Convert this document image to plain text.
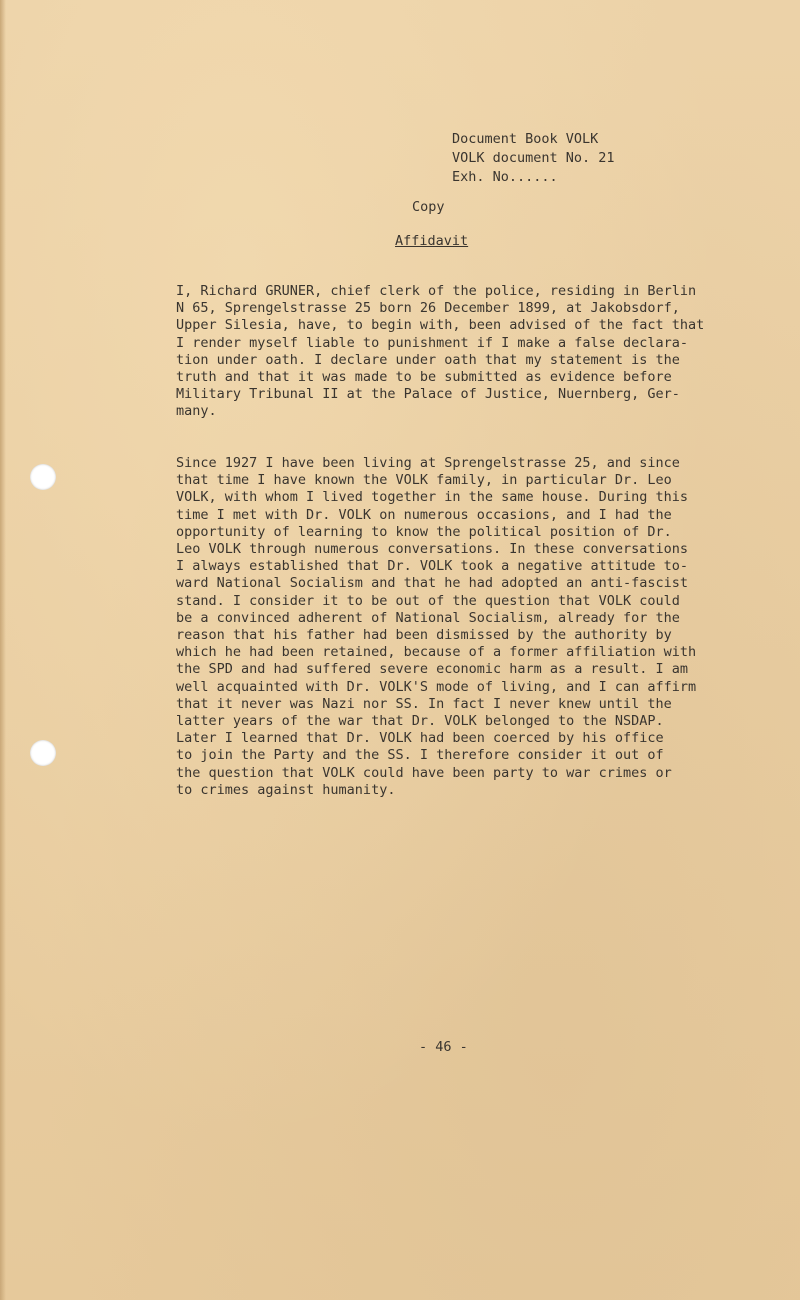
Document Book VOLK
VOLK document No. 21
Exh. No......
Copy
Affidavit
I, Richard GRUNER, chief clerk of the police, residing in Berlin
N 65, Sprengelstrasse 25 born 26 December 1899, at Jakobsdorf,
Upper Silesia, have, to begin with, been advised of the fact that
I render myself liable to punishment if I make a false declara-
tion under oath. I declare under oath that my statement is the
truth and that it was made to be submitted as evidence before
Military Tribunal II at the Palace of Justice, Nuernberg, Ger-
many.
Since 1927 I have been living at Sprengelstrasse 25, and since
that time I have known the VOLK family, in particular Dr. Leo
VOLK, with whom I lived together in the same house. During this
time I met with Dr. VOLK on numerous occasions, and I had the
opportunity of learning to know the political position of Dr.
Leo VOLK through numerous conversations. In these conversations
I always established that Dr. VOLK took a negative attitude to-
ward National Socialism and that he had adopted an anti-fascist
stand. I consider it to be out of the question that VOLK could
be a convinced adherent of National Socialism, already for the
reason that his father had been dismissed by the authority by
which he had been retained, because of a former affiliation with
the SPD and had suffered severe economic harm as a result. I am
well acquainted with Dr. VOLK'S mode of living, and I can affirm
that it never was Nazi nor SS. In fact I never knew until the
latter years of the war that Dr. VOLK belonged to the NSDAP.
Later I learned that Dr. VOLK had been coerced by his office
to join the Party and the SS. I therefore consider it out of
the question that VOLK could have been party to war crimes or
to crimes against humanity.
- 46 -
